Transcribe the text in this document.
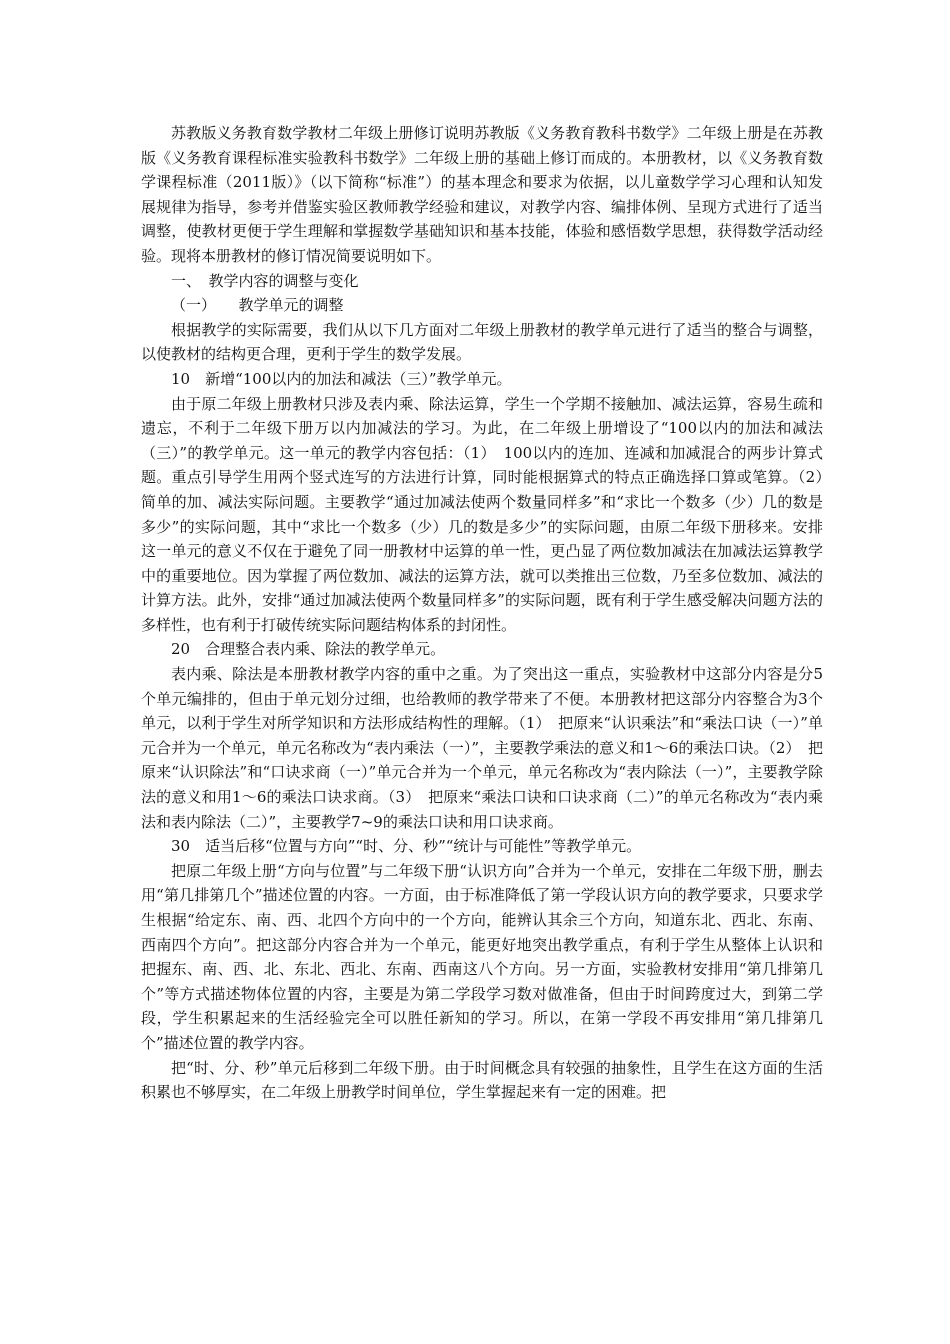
苏教版义务教育数学教材二年级上册修订说明苏教版《义务教育教科书数学》二年级上册是在苏教版《义务教育课程标准实验教科书数学》二年级上册的基础上修订而成的。本册教材，以《义务教育数学课程标准（2011版）》（以下简称“标准”）的基本理念和要求为依据，以儿童数学学习心理和认知发展规律为指导，参考并借鉴实验区教师教学经验和建议，对教学内容、编排体例、呈现方式进行了适当调整，使教材更便于学生理解和掌握数学基础知识和基本技能，体验和感悟数学思想，获得数学活动经验。现将本册教材的修订情况简要说明如下。

一、　教学内容的调整与变化

（一）　　教学单元的调整

根据教学的实际需要，我们从以下几方面对二年级上册教材的教学单元进行了适当的整合与调整，以使教材的结构更合理，更利于学生的数学发展。

10　新增“100以内的加法和减法（三）”教学单元。

由于原二年级上册教材只涉及表内乘、除法运算，学生一个学期不接触加、减法运算，容易生疏和遗忘，不利于二年级下册万以内加减法的学习。为此，在二年级上册增设了“100以内的加法和减法（三）”的教学单元。这一单元的教学内容包括：（1）　100以内的连加、连减和加减混合的两步计算式题。重点引导学生用两个竖式连写的方法进行计算，同时能根据算式的特点正确选择口算或笔算。（2）　简单的加、减法实际问题。主要教学“通过加减法使两个数量同样多”和“求比一个数多（少）几的数是多少”的实际问题，其中“求比一个数多（少）几的数是多少”的实际问题，由原二年级下册移来。安排这一单元的意义不仅在于避免了同一册教材中运算的单一性，更凸显了两位数加减法在加减法运算教学中的重要地位。因为掌握了两位数加、减法的运算方法，就可以类推出三位数，乃至多位数加、减法的计算方法。此外，安排“通过加减法使两个数量同样多”的实际问题，既有利于学生感受解决问题方法的多样性，也有利于打破传统实际问题结构体系的封闭性。

20　合理整合表内乘、除法的教学单元。

表内乘、除法是本册教材教学内容的重中之重。为了突出这一重点，实验教材中这部分内容是分5个单元编排的，但由于单元划分过细，也给教师的教学带来了不便。本册教材把这部分内容整合为3个单元，以利于学生对所学知识和方法形成结构性的理解。（1）　把原来“认识乘法”和“乘法口诀（一）”单元合并为一个单元，单元名称改为“表内乘法（一）”，主要教学乘法的意义和1～6的乘法口诀。（2）　把原来“认识除法”和“口诀求商（一）”单元合并为一个单元，单元名称改为“表内除法（一）”，主要教学除法的意义和用1～6的乘法口诀求商。（3）　把原来“乘法口诀和口诀求商（二）”的单元名称改为“表内乘法和表内除法（二）”，主要教学7~9的乘法口诀和用口诀求商。

30　适当后移“位置与方向”“时、分、秒”“统计与可能性”等教学单元。

把原二年级上册“方向与位置”与二年级下册“认识方向”合并为一个单元，安排在二年级下册，删去用“第几排第几个”描述位置的内容。一方面，由于标准降低了第一学段认识方向的教学要求，只要求学生根据“给定东、南、西、北四个方向中的一个方向，能辨认其余三个方向，知道东北、西北、东南、西南四个方向”。把这部分内容合并为一个单元，能更好地突出教学重点，有利于学生从整体上认识和把握东、南、西、北、东北、西北、东南、西南这八个方向。另一方面，实验教材安排用“第几排第几个”等方式描述物体位置的内容，主要是为第二学段学习数对做准备，但由于时间跨度过大，到第二学段，学生积累起来的生活经验完全可以胜任新知的学习。所以，在第一学段不再安排用“第几排第几个”描述位置的教学内容。

把“时、分、秒”单元后移到二年级下册。由于时间概念具有较强的抽象性，且学生在这方面的生活积累也不够厚实，在二年级上册教学时间单位，学生掌握起来有一定的困难。把
